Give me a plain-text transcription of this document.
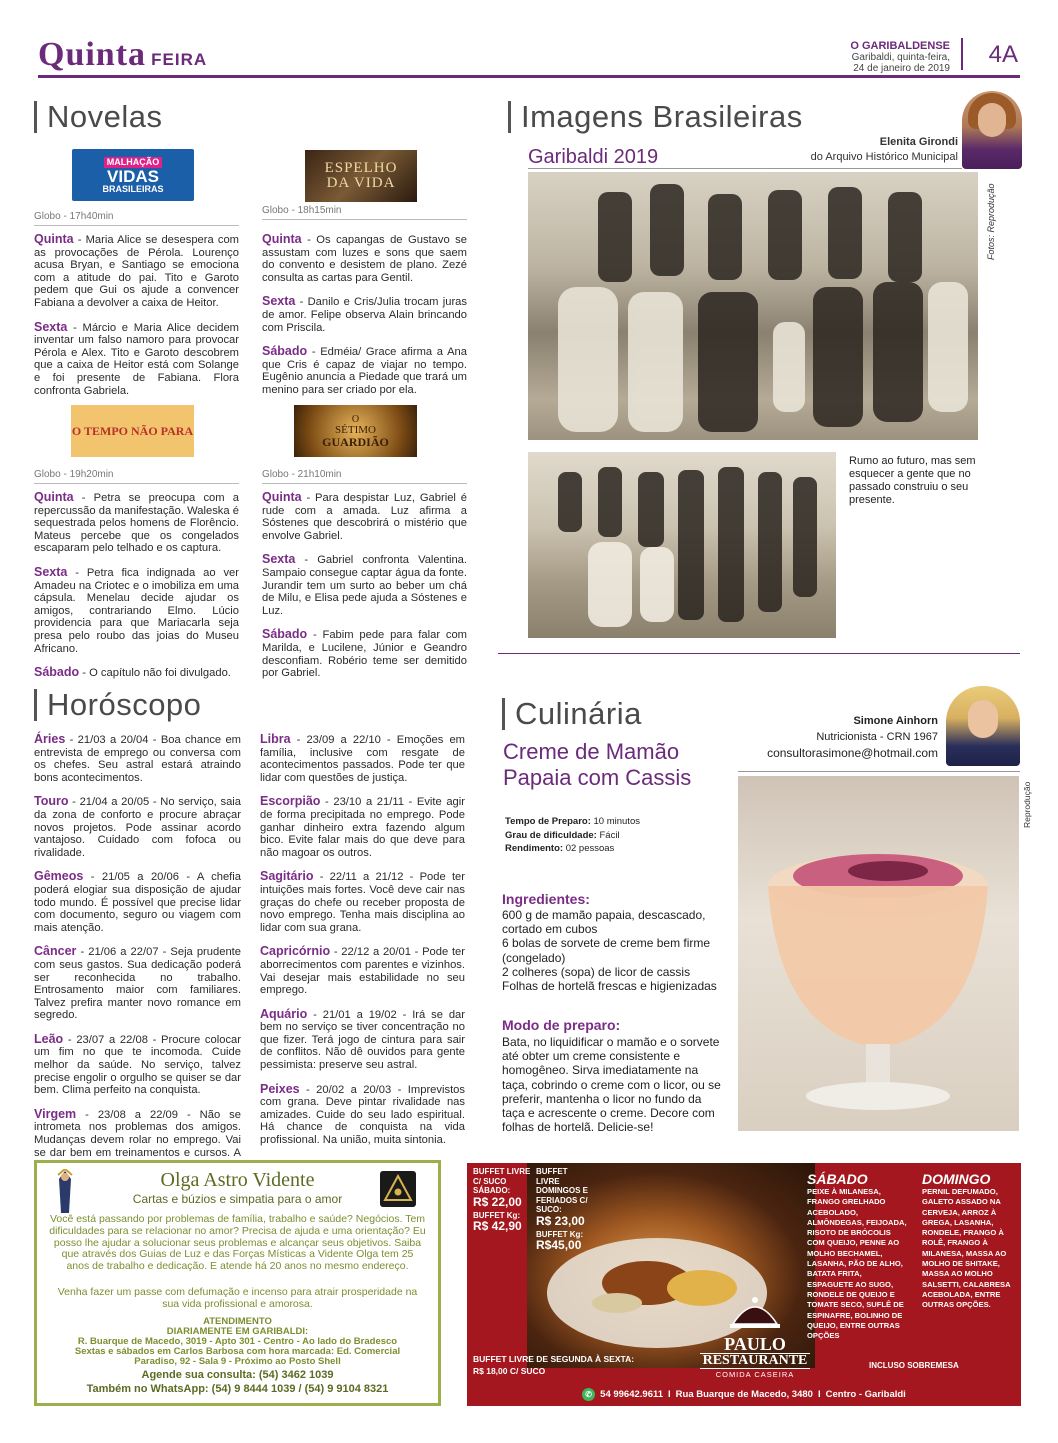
Quinta FEIRA
O GARIBALDENSE
Garibaldi, quinta-feira,
24 de janeiro de 2019
4A
Novelas
MALHAÇÃO
VIDAS
BRASILEIRAS
Globo - 17h40min

Quinta - Maria Alice se desespera com as provocações de Pérola. Lourenço acusa Bryan, e Santiago se emociona com a atitude do pai. Tito e Garoto pedem que Gui os ajude a convencer Fabiana a devolver a caixa de Heitor.

Sexta - Márcio e Maria Alice decidem inventar um falso namoro para provocar Pérola e Alex. Tito e Garoto descobrem que a caixa de Heitor está com Solange e foi presente de Fabiana. Flora confronta Gabriela.

ESPELHO
DA VIDA
Globo - 18h15min

Quinta - Os capangas de Gustavo se assustam com luzes e sons que saem do convento e desistem de plano. Zezé consulta as cartas para Gentil.

Sexta - Danilo e Cris/Julia trocam juras de amor. Felipe observa Alain brincando com Priscila.

Sábado - Edméia/ Grace afirma a Ana que Cris é capaz de viajar no tempo. Eugênio anuncia a Piedade que trará um menino para ser criado por ela.

O TEMPO NÃO PARA
Globo - 19h20min

Quinta - Petra se preocupa com a repercussão da manifestação. Waleska é sequestrada pelos homens de Florêncio. Mateus percebe que os congelados escaparam pelo telhado e os captura.

Sexta - Petra fica indignada ao ver Amadeu na Criotec e o imobiliza em uma cápsula. Menelau decide ajudar os amigos, contrariando Elmo. Lúcio providencia para que Mariacarla seja presa pelo roubo das joias do Museu Africano.

Sábado - O capítulo não foi divulgado.

O
SÉTIMO
GUARDIÃO
Globo - 21h10min

Quinta - Para despistar Luz, Gabriel é rude com a amada. Luz afirma a Sóstenes que descobrirá o mistério que envolve Gabriel.

Sexta - Gabriel confronta Valentina. Sampaio consegue captar água da fonte. Jurandir tem um surto ao beber um chá de Milu, e Elisa pede ajuda a Sóstenes e Luz.

Sábado - Fabim pede para falar com Marilda, e Lucilene, Júnior e Geandro desconfiam. Robério teme ser demitido por Gabriel.

Imagens Brasileiras
Garibaldi 2019
Elenita Girondi
do Arquivo Histórico Municipal
Fotos: Reprodução
Rumo ao futuro, mas sem esquecer a gente que no passado construiu o seu presente.
Horóscopo

Áries - 21/03 a 20/04 - Boa chance em entrevista de emprego ou conversa com os chefes. Seu astral estará atraindo bons acontecimentos.

Touro - 21/04 a 20/05 - No serviço, saia da zona de conforto e procure abraçar novos projetos. Pode assinar acordo vantajoso. Cuidado com fofoca ou rivalidade.

Gêmeos - 21/05 a 20/06 - A chefia poderá elogiar sua disposição de ajudar todo mundo. É possível que precise lidar com documento, seguro ou viagem com mais atenção.

Câncer - 21/06 a 22/07 - Seja prudente com seus gastos. Sua dedicação poderá ser reconhecida no trabalho. Entrosamento maior com familiares. Talvez prefira manter novo romance em segredo.

Leão - 23/07 a 22/08 - Procure colocar um fim no que te incomoda. Cuide melhor da saúde. No serviço, talvez precise engolir o orgulho se quiser se dar bem. Clima perfeito na conquista.

Virgem - 23/08 a 22/09 - Não se intrometa nos problemas dos amigos. Mudanças devem rolar no emprego. Vai se dar bem em treinamentos e cursos. A

Libra - 23/09 a 22/10 - Emoções em família, inclusive com resgate de acontecimentos passados. Pode ter que lidar com questões de justiça.

Escorpião - 23/10 a 21/11 - Evite agir de forma precipitada no emprego. Pode ganhar dinheiro extra fazendo algum bico. Evite falar mais do que deve para não magoar os outros.

Sagitário - 22/11 a 21/12 - Pode ter intuições mais fortes. Você deve cair nas graças do chefe ou receber proposta de novo emprego. Tenha mais disciplina ao lidar com sua grana.

Capricórnio - 22/12 a 20/01 - Pode ter aborrecimentos com parentes e vizinhos. Vai desejar mais estabilidade no seu emprego.

Aquário - 21/01 a 19/02 - Irá se dar bem no serviço se tiver concentração no que fizer. Terá jogo de cintura para sair de conflitos. Não dê ouvidos para gente pessimista: preserve seu astral.

Peixes - 20/02 a 20/03 - Imprevistos com grana. Deve pintar rivalidade nas amizades. Cuide do seu lado espiritual. Há chance de conquista na vida profissional. Na união, muita sintonia.

Culinária
Creme de Mamão Papaia com Cassis
Simone Ainhorn
Nutricionista - CRN 1967
consultorasimone@hotmail.com
Tempo de Preparo: 10 minutos
Grau de dificuldade: Fácil
Rendimento: 02 pessoas
Ingredientes:
600 g de mamão papaia, descascado, cortado em cubos
6 bolas de sorvete de creme bem firme (congelado)
2 colheres (sopa) de licor de cassis
Folhas de hortelã frescas e higienizadas
Modo de preparo:
Bata, no liquidificar o mamão e o sorvete até obter um creme consistente e homogêneo. Sirva imediatamente na taça, cobrindo o creme com o licor, ou se preferir, mantenha o licor no fundo da taça e acrescente o creme. Decore com folhas de hortelã. Delicie-se!
Reprodução
Olga Astro Vidente
Cartas e búzios e simpatia para o amor
Você está passando por problemas de família, trabalho e saúde? Negócios. Tem dificuldades para se relacionar no amor? Precisa de ajuda e uma orientação? Eu posso lhe ajudar a solucionar seus problemas e alcançar seus objetivos. Saiba que através dos Guias de Luz e das Forças Místicas a Vidente Olga tem 25 anos de trabalho e dedicação. E atende há 20 anos no mesmo endereço.
Venha fazer um passe com defumação e incenso para atrair prosperidade na sua vida profissional e amorosa.
ATENDIMENTO
DIARIAMENTE EM GARIBALDI:
R. Buarque de Macedo, 3019 - Apto 301 - Centro - Ao lado do Bradesco
Sextas e sábados em Carlos Barbosa com hora marcada: Ed. Comercial Paradiso, 92 - Sala 9 - Próximo ao Posto Shell
Agende sua consulta: (54) 3462 1039
Também no WhatsApp: (54) 9 8444 1039 / (54) 9 9104 8321
BUFFET LIVRE C/ SUCO
SÁBADO:
R$ 22,00
BUFFET Kg:
R$ 42,90
BUFFET LIVRE DOMINGOS E FERIADOS C/ SUCO:
R$ 23,00
BUFFET Kg:
R$45,00
PAULO
RESTAURANTE
COMIDA CASEIRA
BUFFET LIVRE DE SEGUNDA À SEXTA:
R$ 18,00 C/ SUCO
SÁBADO
PEIXE À MILANESA, FRANGO GRELHADO ACEBOLADO, ALMÔNDEGAS, FEIJOADA, RISOTO DE BRÓCOLIS COM QUEIJO, PENNE AO MOLHO BECHAMEL, LASANHA, PÃO DE ALHO, BATATA FRITA, ESPAGUETE AO SUGO, RONDELE DE QUEIJO E TOMATE SECO, SUFLÊ DE ESPINAFRE, BOLINHO DE QUEIJO, ENTRE OUTRAS OPÇÕES
DOMINGO
PERNIL DEFUMADO, GALETO ASSADO NA CERVEJA, ARROZ À GREGA, LASANHA, RONDELE, FRANGO À ROLÊ, FRANGO À MILANESA, MASSA AO MOLHO DE SHITAKE, MASSA AO MOLHO SALSETTI, CALABRESA ACEBOLADA, ENTRE OUTRAS OPÇÕES.
INCLUSO SOBREMESA
✆ 54 99642.9611 I Rua Buarque de Macedo, 3480 I Centro - Garibaldi
